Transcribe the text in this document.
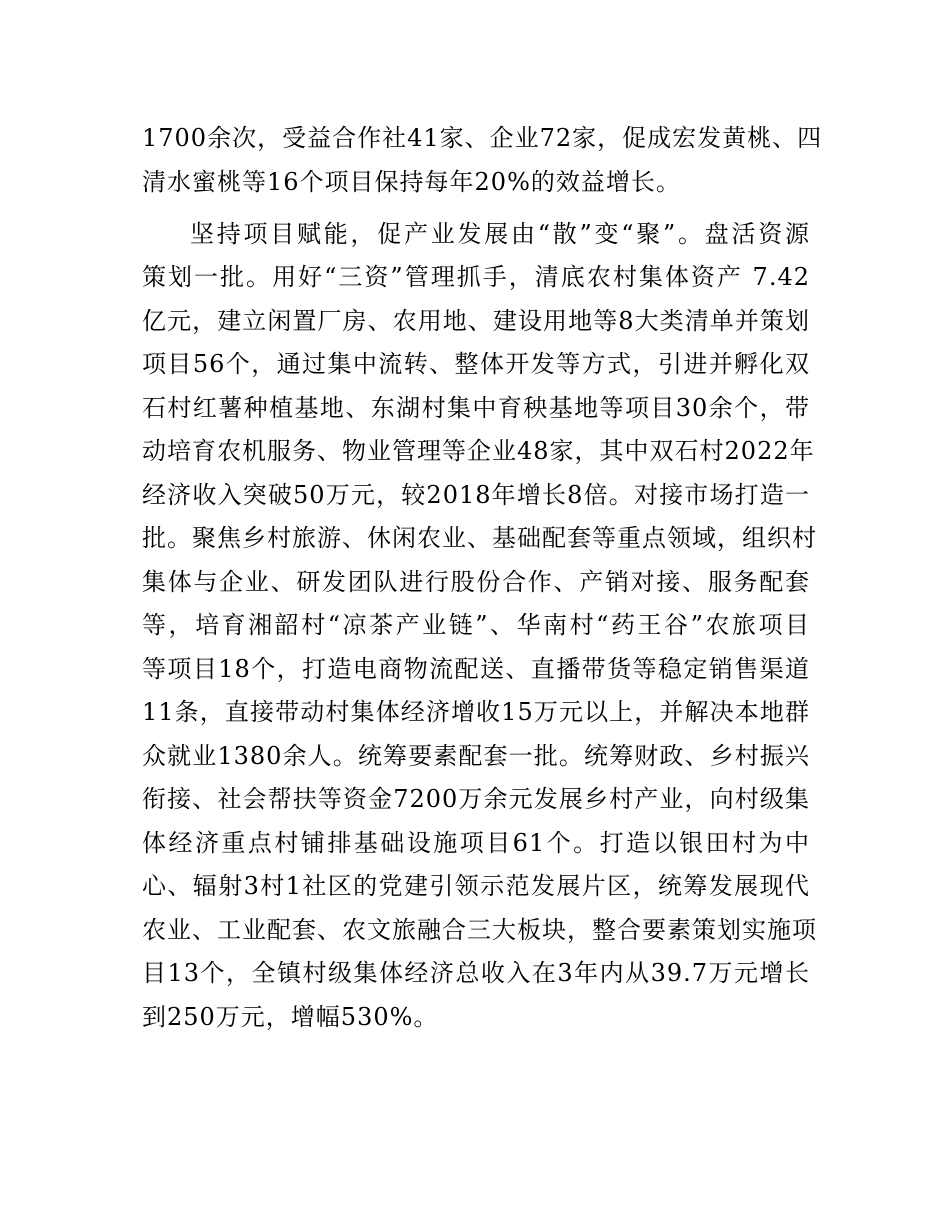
1700余次，受益合作社41家、企业72家，促成宏发黄桃、四
清水蜜桃等16个项目保持每年20%的效益增长。
坚持项目赋能，促产业发展由“散”变“聚”。盘活资源
策划一批。用好“三资”管理抓手，清底农村集体资产 7.42
亿元，建立闲置厂房、农用地、建设用地等8大类清单并策划
项目56个，通过集中流转、整体开发等方式，引进并孵化双
石村红薯种植基地、东湖村集中育秧基地等项目30余个，带
动培育农机服务、物业管理等企业48家，其中双石村2022年
经济收入突破50万元，较2018年增长8倍。对接市场打造一
批。聚焦乡村旅游、休闲农业、基础配套等重点领域，组织村
集体与企业、研发团队进行股份合作、产销对接、服务配套
等，培育湘韶村“凉茶产业链”、华南村“药王谷”农旅项目
等项目18个，打造电商物流配送、直播带货等稳定销售渠道
11条，直接带动村集体经济增收15万元以上，并解决本地群
众就业1380余人。统筹要素配套一批。统筹财政、乡村振兴
衔接、社会帮扶等资金7200万余元发展乡村产业，向村级集
体经济重点村铺排基础设施项目61个。打造以银田村为中
心、辐射3村1社区的党建引领示范发展片区，统筹发展现代
农业、工业配套、农文旅融合三大板块，整合要素策划实施项
目13个，全镇村级集体经济总收入在3年内从39.7万元增长
到250万元，增幅530%。
